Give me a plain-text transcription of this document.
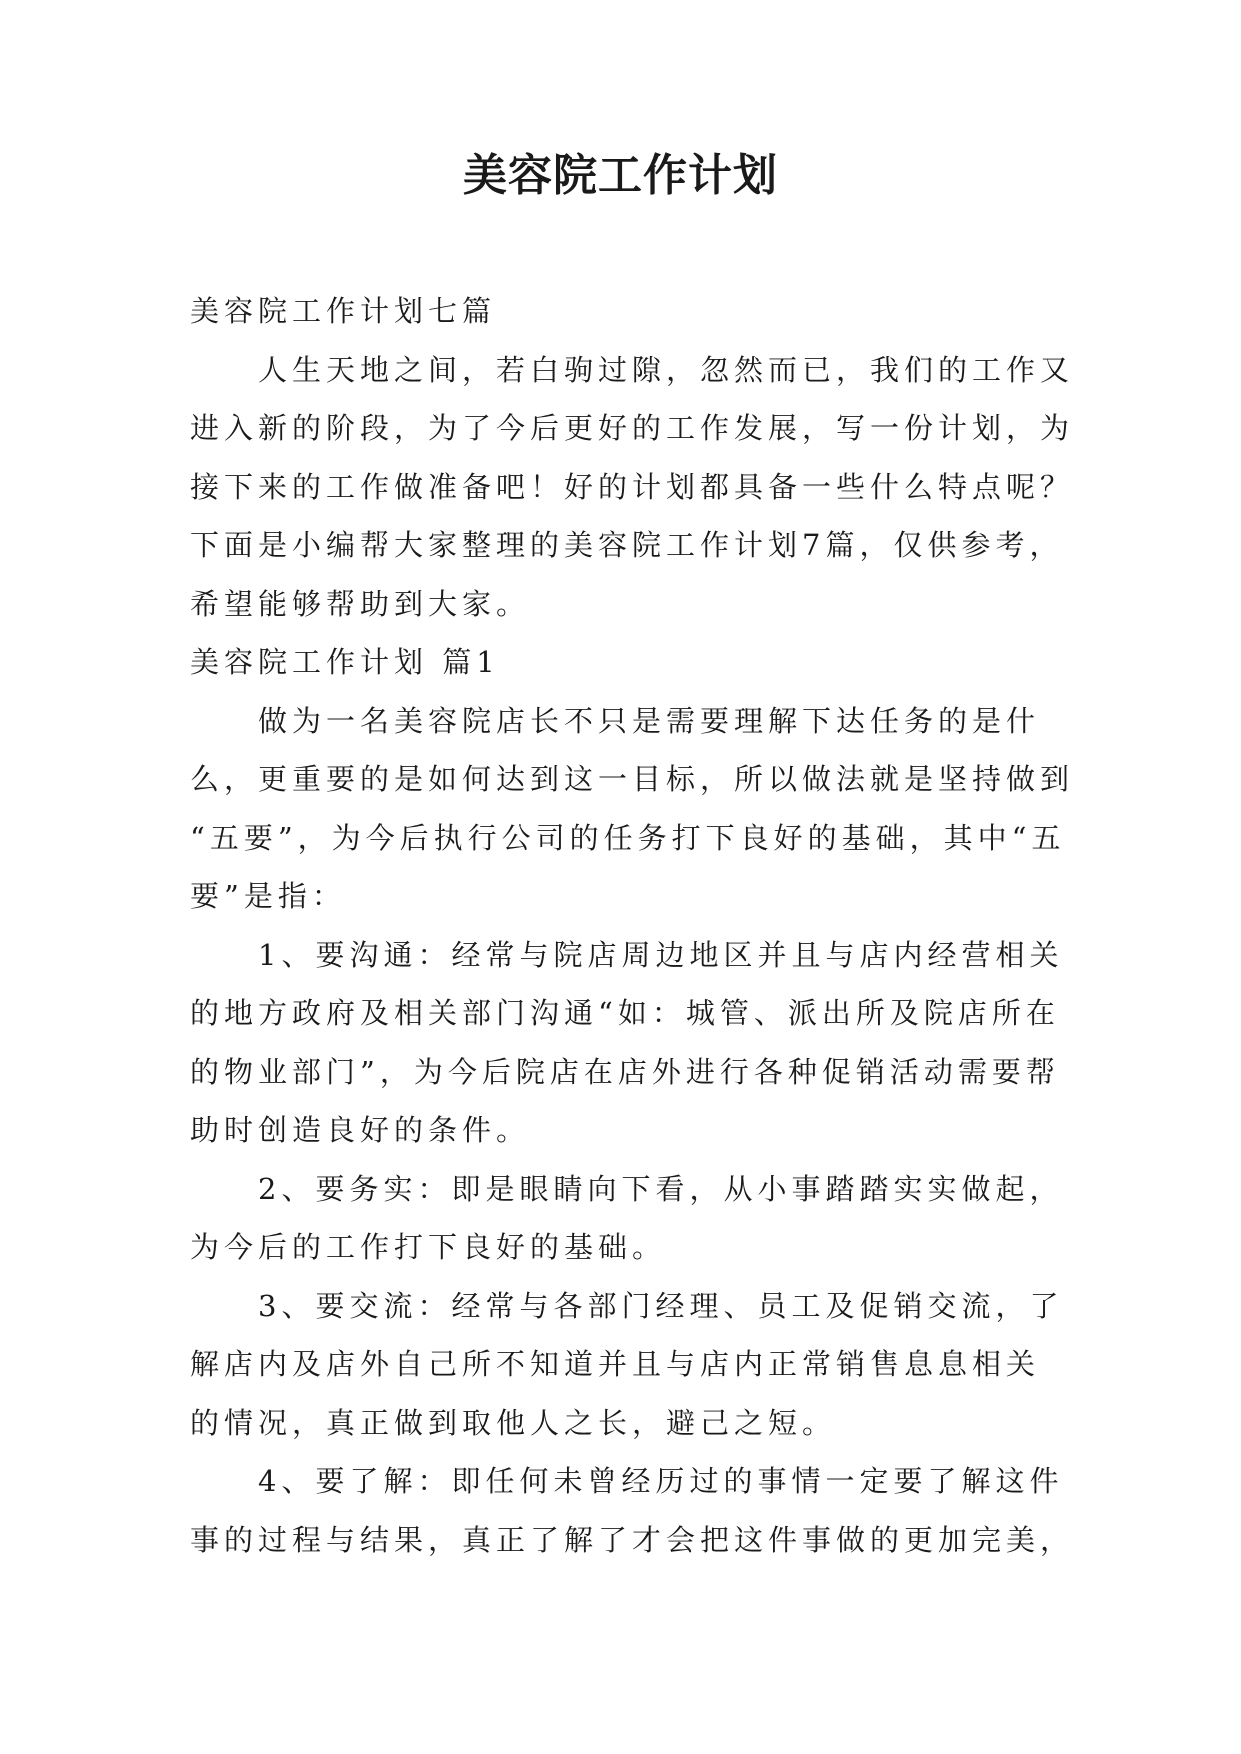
美容院工作计划
美容院工作计划七篇
人生天地之间，若白驹过隙，忽然而已，我们的工作又
进入新的阶段，为了今后更好的工作发展，写一份计划，为
接下来的工作做准备吧！好的计划都具备一些什么特点呢？
下面是小编帮大家整理的美容院工作计划7篇，仅供参考，
希望能够帮助到大家。
美容院工作计划 篇1
做为一名美容院店长不只是需要理解下达任务的是什
么，更重要的是如何达到这一目标，所以做法就是坚持做到
“五要”，为今后执行公司的任务打下良好的基础，其中“五
要”是指：
1、要沟通：经常与院店周边地区并且与店内经营相关
的地方政府及相关部门沟通“如：城管、派出所及院店所在
的物业部门”，为今后院店在店外进行各种促销活动需要帮
助时创造良好的条件。
2、要务实：即是眼睛向下看，从小事踏踏实实做起，
为今后的工作打下良好的基础。
3、要交流：经常与各部门经理、员工及促销交流，了
解店内及店外自己所不知道并且与店内正常销售息息相关
的情况，真正做到取他人之长，避己之短。
4、要了解：即任何未曾经历过的事情一定要了解这件
事的过程与结果，真正了解了才会把这件事做的更加完美，
